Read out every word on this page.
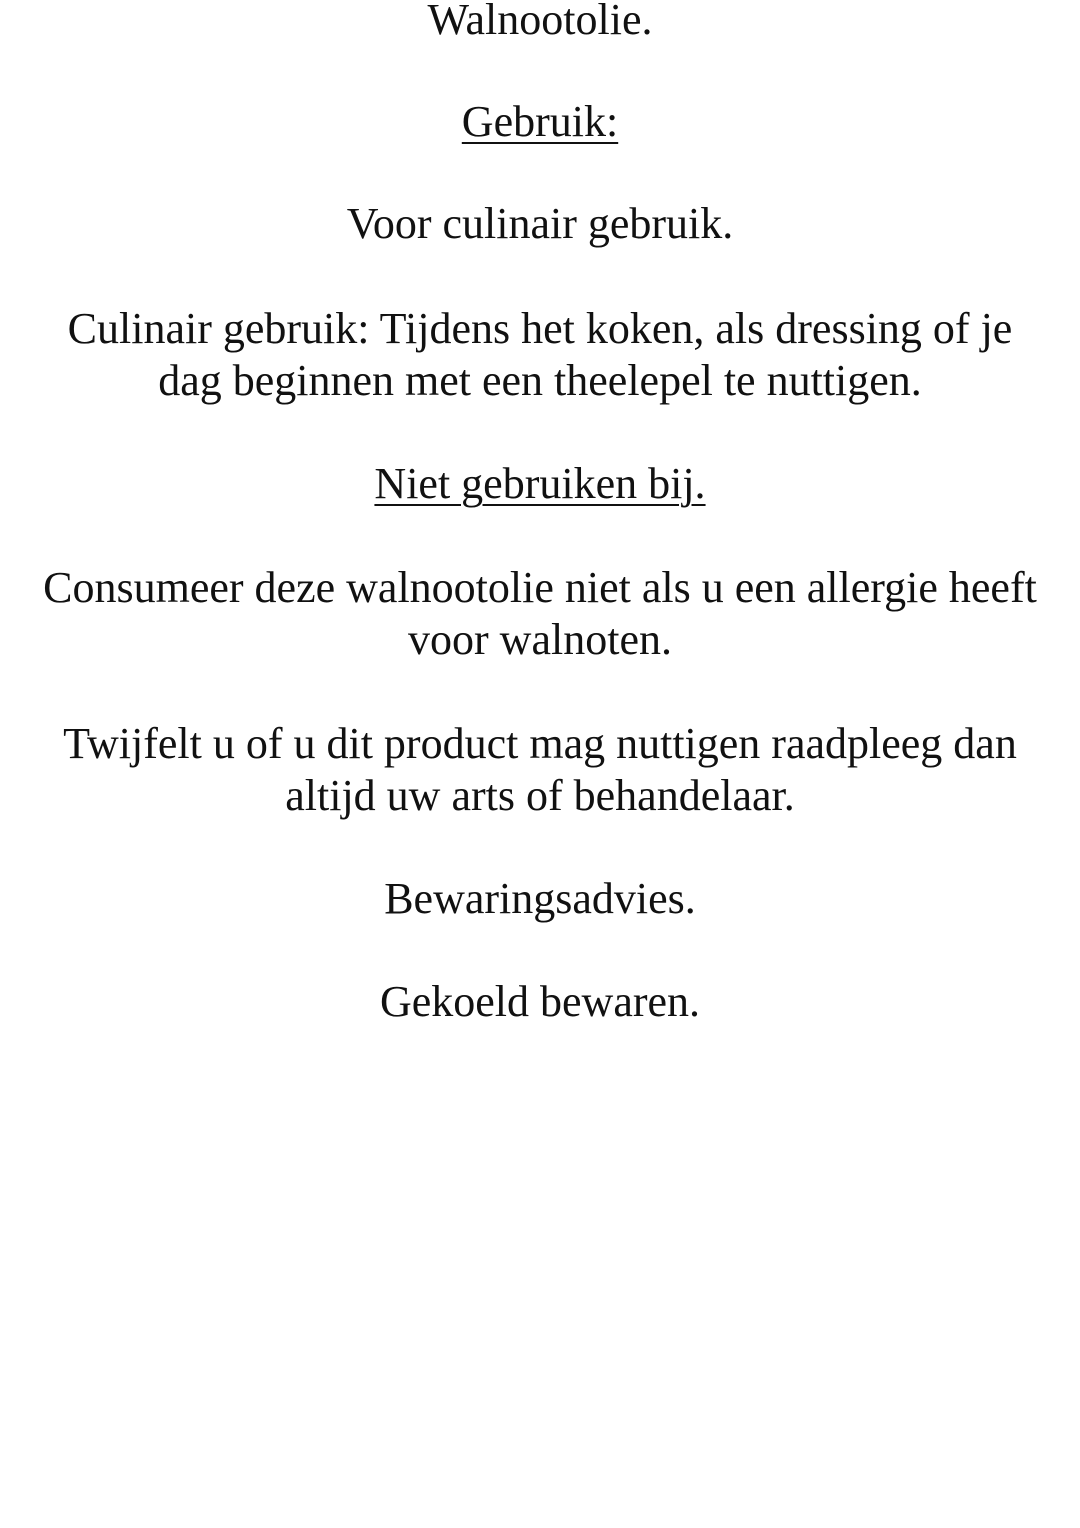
Walnootolie.
Gebruik:
Voor culinair gebruik.
Culinair gebruik: Tijdens het koken, als dressing of je
dag beginnen met een theelepel te nuttigen.
Niet gebruiken bij.
Consumeer deze walnootolie niet als u een allergie heeft
voor walnoten.
Twijfelt u of u dit product mag nuttigen raadpleeg dan
altijd uw arts of behandelaar.
Bewaringsadvies.
Gekoeld bewaren.
